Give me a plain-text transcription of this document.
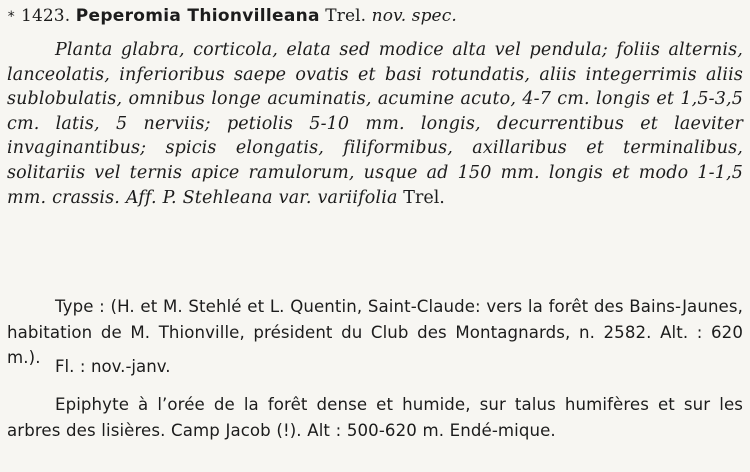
* 1423. Peperomia Thionvilleana Trel. nov. spec.

Planta glabra, corticola, elata sed modice alta vel pendula; foliis alternis, lanceolatis, inferioribus saepe ovatis et basi rotundatis, aliis integerrimis aliis sublobulatis, omnibus longe acuminatis, acumine acuto, 4-7 cm. longis et 1,5-3,5 cm. latis, 5 nerviis; petiolis 5-10 mm. longis, decurrentibus et laeviter invaginantibus; spicis elongatis, filiformibus, axillaribus et terminalibus, solitariis vel ternis apice ramulorum, usque ad 150 mm. longis et modo 1-1,5 mm. crassis. Aff. P. Stehleana var. variifolia Trel.

Type : (H. et M. Stehlé et L. Quentin, Saint-Claude: vers la forêt des Bains-Jaunes, habitation de M. Thionville, président du Club des Montagnards, n. 2582. Alt. : 620 m.). Fl. : nov.-janv.

Epiphyte à l’orée de la forêt dense et humide, sur talus humifères et sur les arbres des lisières. Camp Jacob (!). Alt : 500-620 m. Endé-mique.
